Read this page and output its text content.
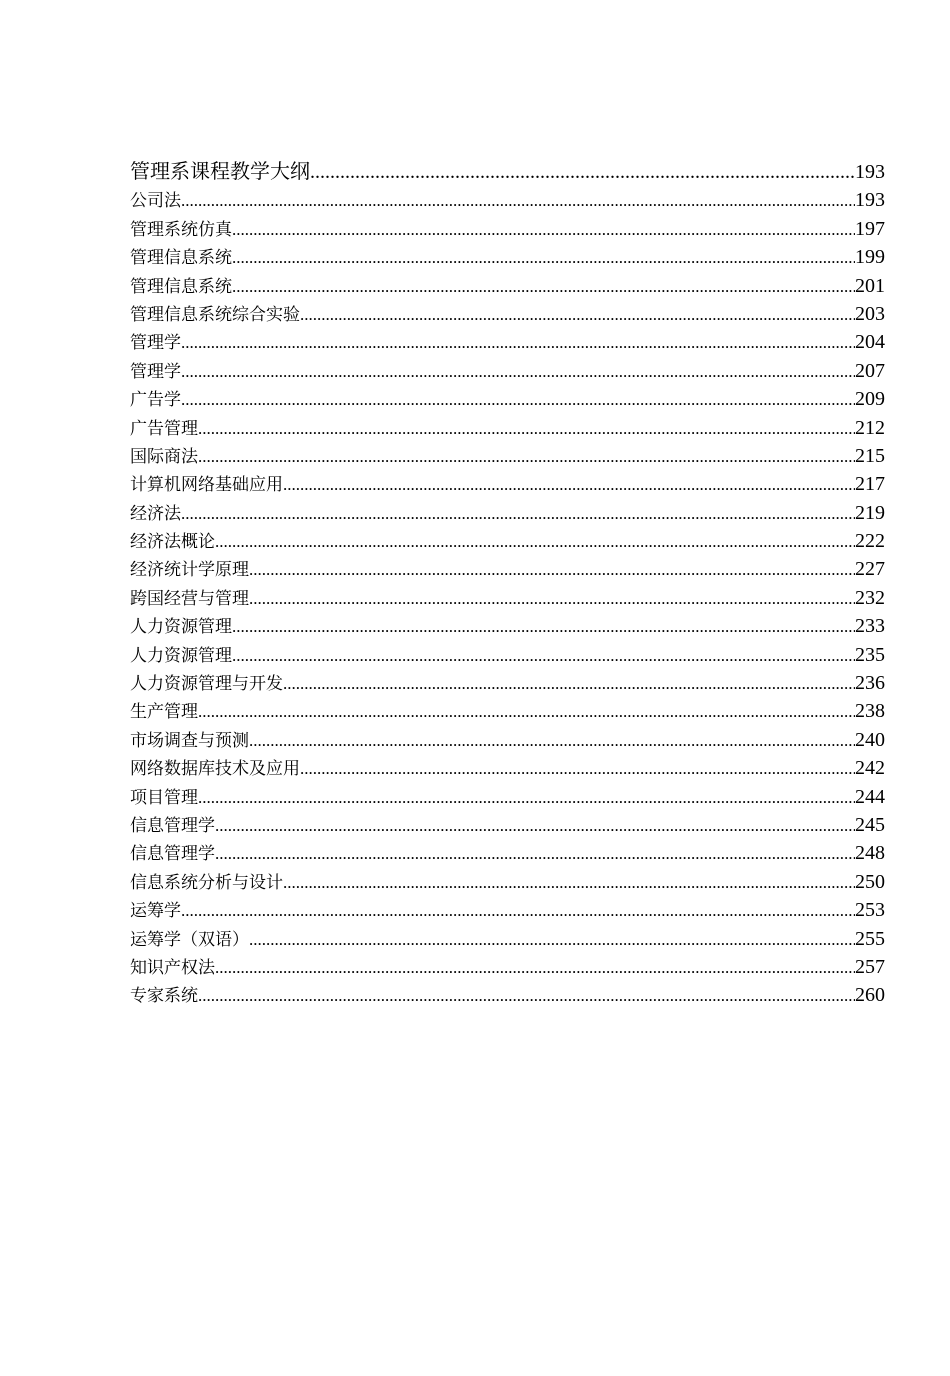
管理系课程教学大纲 .....	193
公司法 .....	193
管理系统仿真 .....	197
管理信息系统 .....	199
管理信息系统 .....	201
管理信息系统综合实验 .....	203
管理学 .....	204
管理学 .....	207
广告学 .....	209
广告管理 .....	212
国际商法 .....	215
计算机网络基础应用 .....	217
经济法 .....	219
经济法概论 .....	222
经济统计学原理 .....	227
跨国经营与管理 .....	232
人力资源管理 .....	233
人力资源管理 .....	235
人力资源管理与开发 .....	236
生产管理 .....	238
市场调查与预测 .....	240
网络数据库技术及应用 .....	242
项目管理 .....	244
信息管理学 .....	245
信息管理学 .....	248
信息系统分析与设计 .....	250
运筹学 .....	253
运筹学（双语） .....	255
知识产权法 .....	257
专家系统 .....	260
